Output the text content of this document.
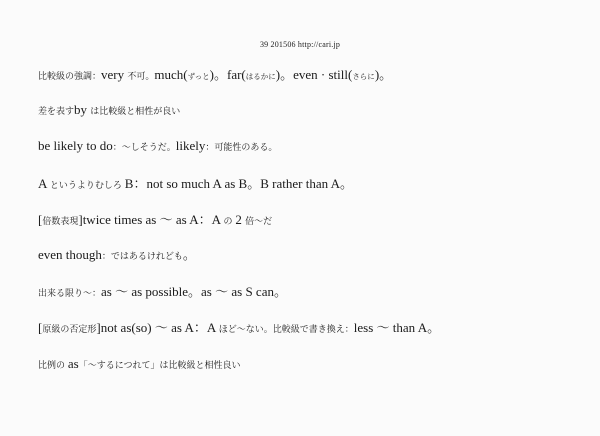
39 201506 http://cari.jp
比較級の強調：very 不可。much(ずっと)。far(はるかに)。even · still(さらに)。
差を表すby は比較級と相性が良い
be likely to do：～しそうだ。likely：可能性のある。
A というよりむしろ B：not so much A as B。B rather than A。
[倍数表現]twice times as ～ as A：A の 2 倍～だ
even though：ではあるけれども。
出来る限り～：as ～ as possible。as ～ as S can。
[原級の否定形]not as(so) ～ as A：A ほど～ない。比較級で書き換え：less ～ than A。
比例の as「～するにつれて」は比較級と相性良い
